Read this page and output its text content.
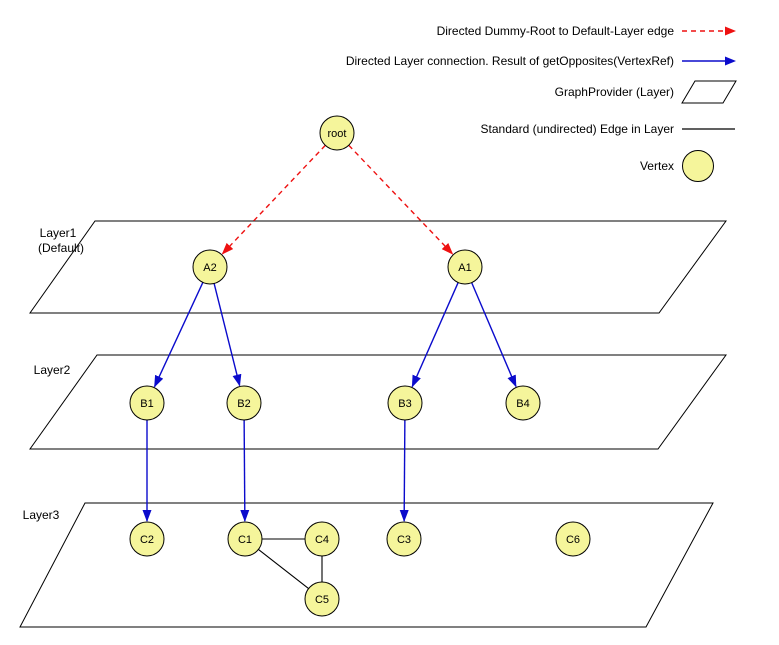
Layer1
(Default)
Layer2
Layer3
root
A2	A1
B1	B2	B3	B4
C2	C1	C4	C3	C6
C5
Directed Dummy-Root to Default-Layer edge
Directed Layer connection. Result of getOpposites(VertexRef)
GraphProvider (Layer)
Standard (undirected) Edge in Layer
Vertex
